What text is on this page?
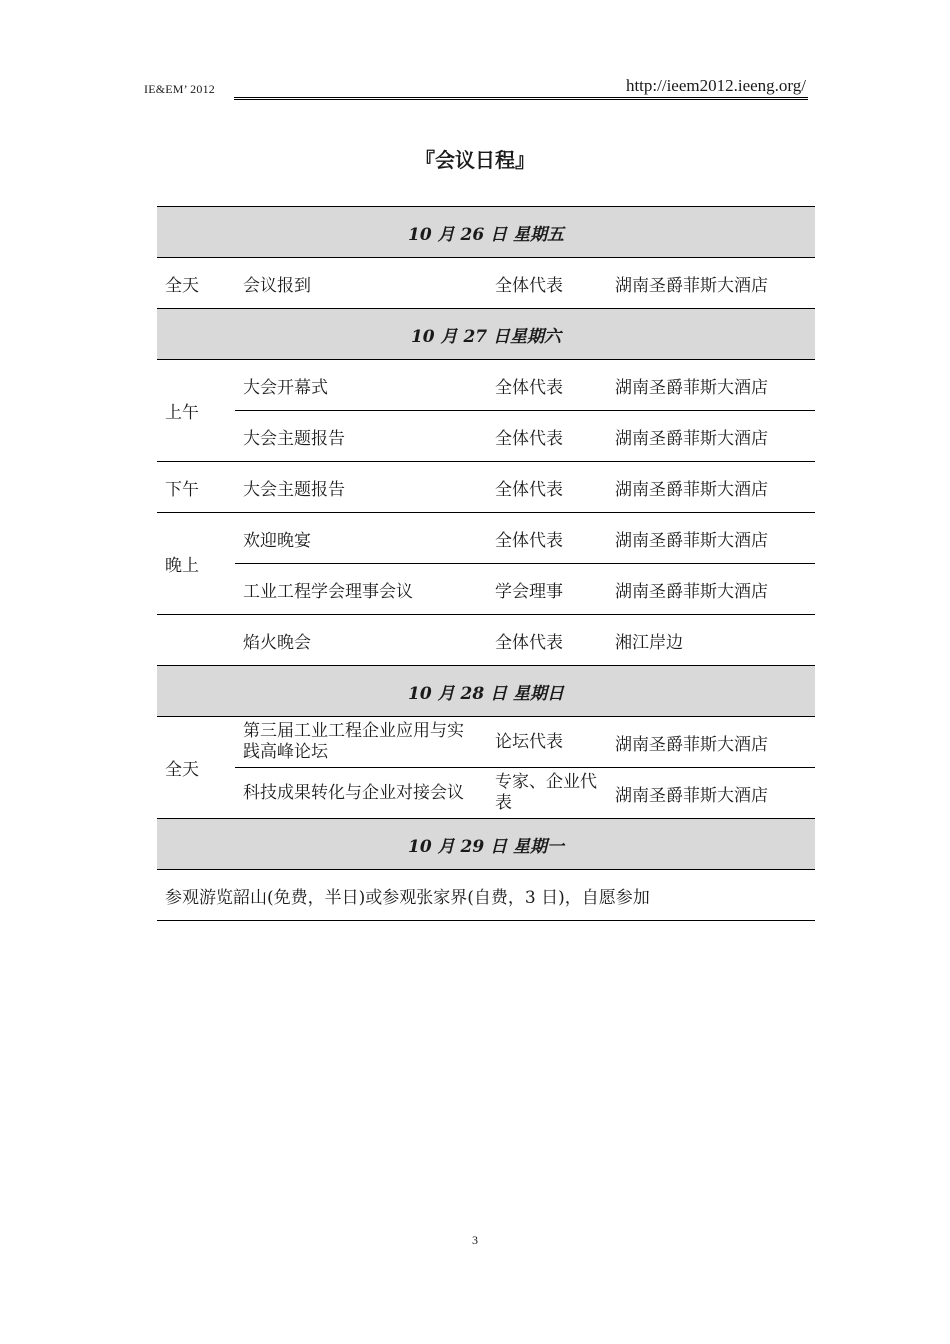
IE&EM’ 2012	http://ieem2012.ieeng.org/
『会议日程』
10 月 26 日 星期五			
全天	会议报到	全体代表	湖南圣爵菲斯大酒店
10 月 27 日星期六			
上午	大会开幕式	全体代表	湖南圣爵菲斯大酒店
	大会主题报告	全体代表	湖南圣爵菲斯大酒店
下午	大会主题报告	全体代表	湖南圣爵菲斯大酒店
晚上	欢迎晚宴	全体代表	湖南圣爵菲斯大酒店
	工业工程学会理事会议	学会理事	湖南圣爵菲斯大酒店
	焰火晚会	全体代表	湘江岸边
10 月 28 日 星期日			
全天	第三届工业工程企业应用与实践高峰论坛	论坛代表	湖南圣爵菲斯大酒店
	科技成果转化与企业对接会议	专家、企业代表	湖南圣爵菲斯大酒店
10 月 29 日 星期一			
参观游览韶山(免费，半日)或参观张家界(自费，3 日)，自愿参加			
3
